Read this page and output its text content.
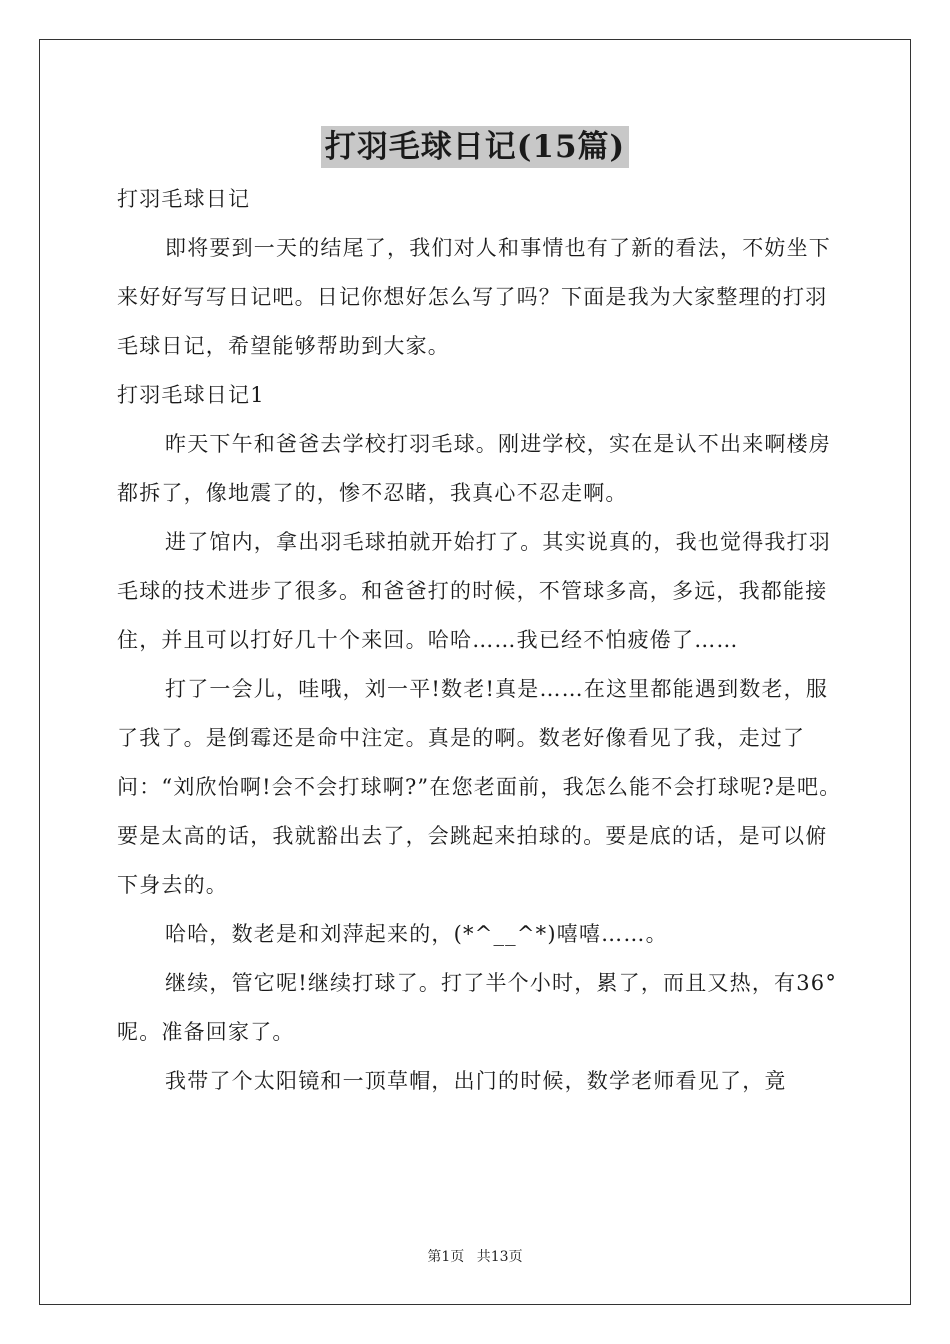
打羽毛球日记(15篇)

打羽毛球日记

即将要到一天的结尾了，我们对人和事情也有了新的看法，不妨坐下来好好写写日记吧。日记你想好怎么写了吗？下面是我为大家整理的打羽毛球日记，希望能够帮助到大家。

打羽毛球日记1

昨天下午和爸爸去学校打羽毛球。刚进学校，实在是认不出来啊楼房都拆了，像地震了的，惨不忍睹，我真心不忍走啊。

进了馆内，拿出羽毛球拍就开始打了。其实说真的，我也觉得我打羽毛球的技术进步了很多。和爸爸打的时候，不管球多高，多远，我都能接住，并且可以打好几十个来回。哈哈……我已经不怕疲倦了……

打了一会儿，哇哦，刘一平!数老!真是……在这里都能遇到数老，服了我了。是倒霉还是命中注定。真是的啊。数老好像看见了我，走过了问：“刘欣怡啊!会不会打球啊?”在您老面前，我怎么能不会打球呢?是吧。要是太高的话，我就豁出去了，会跳起来拍球的。要是底的话，是可以俯下身去的。

哈哈，数老是和刘萍起来的，(*^__^*)嘻嘻……。

继续，管它呢!继续打球了。打了半个小时，累了，而且又热，有36°呢。准备回家了。

我带了个太阳镜和一顶草帽，出门的时候，数学老师看见了，竟

第1页 共13页
